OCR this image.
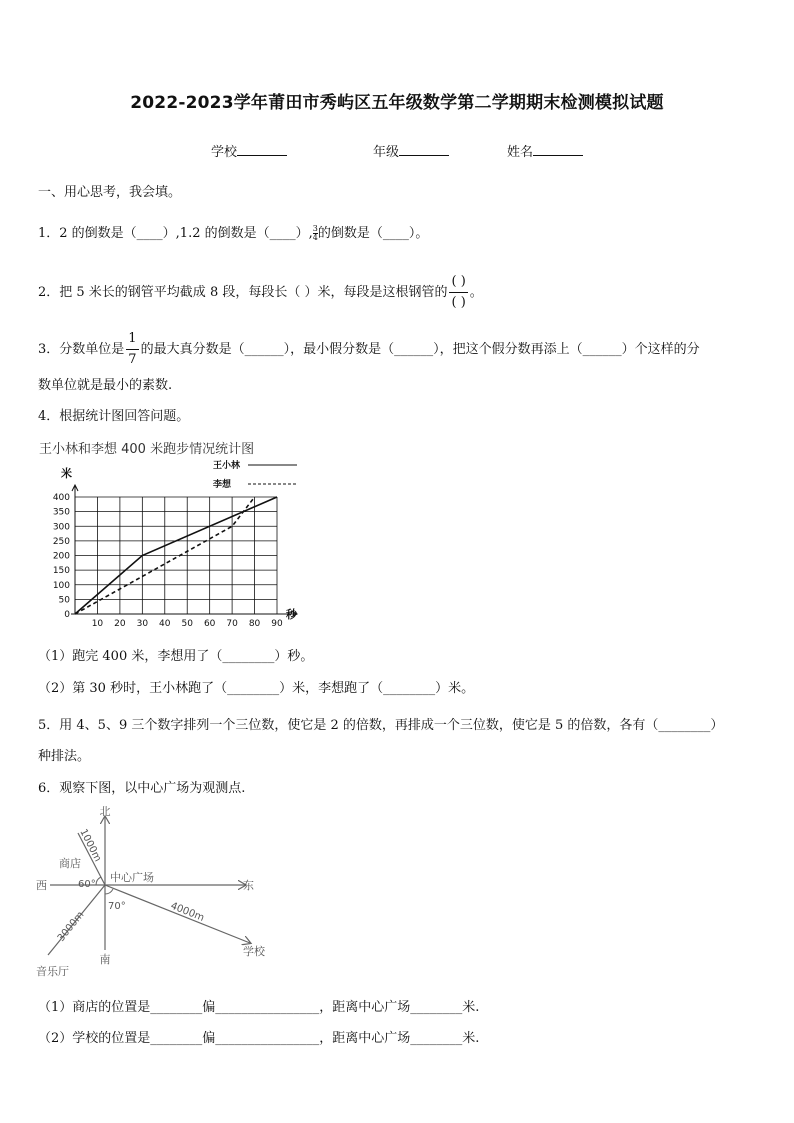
2022-2023学年莆田市秀屿区五年级数学第二学期期末检测模拟试题
学校	年级	姓名
一、用心思考，我会填。
1．2 的倒数是（____）,1.2 的倒数是（____）, $\frac{3}{4}$ 的倒数是（____）。
2．把 5 米长的钢管平均截成 8 段，每段长（ ）米，每段是这根钢管的
( )
( )
。
3．分数单位是 $\frac{1}{7}$ 的最大真分数是（______），最小假分数是（______），把这个假分数再添上（______）个这样的分
数单位就是最小的素数.
4．根据统计图回答问题。
王小林和李想 400 米跑步情况统计图
米
秒
0
50
100
150
200
250
300
350
400
10 20 30 40 50 60 70 80 90
王小林
李想
（1）跑完 400 米，李想用了（________）秒。
（2）第 30 秒时，王小林跑了（________）米，李想跑了（________）米。
5．用 4、5、9 三个数字排列一个三位数，使它是 2 的倍数，再排成一个三位数，使它是 5 的倍数，各有（________）
种排法。
6．观察下图，以中心广场为观测点.
北
南
东
西
中心广场
商店
音乐厅
学校
60°
70°
1000m
3000m	4000m
（1）商店的位置是________偏________________，距离中心广场________米.
（2）学校的位置是________偏________________，距离中心广场________米.
